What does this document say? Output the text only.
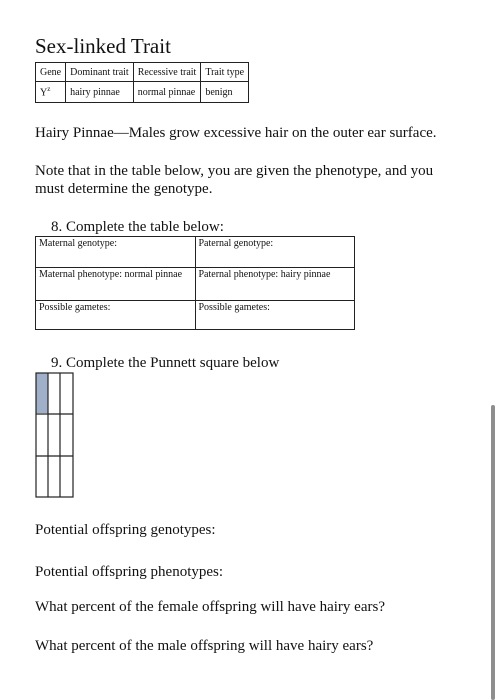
Sex-linked Trait
Gene	Dominant trait	Recessive trait	Trait type
$Y^z$	hairy pinnae	normal pinnae	benign
Hairy Pinnae—Males grow excessive hair on the outer ear surface.
Note that in the table below, you are given the phenotype, and you must determine the genotype.
8. Complete the table below:
Maternal genotype:	Paternal genotype:
Maternal phenotype: normal pinnae	Paternal phenotype: hairy pinnae
Possible gametes:	Possible gametes:
9. Complete the Punnett square below
Potential offspring genotypes:
Potential offspring phenotypes:
What percent of the female offspring will have hairy ears?
What percent of the male offspring will have hairy ears?
